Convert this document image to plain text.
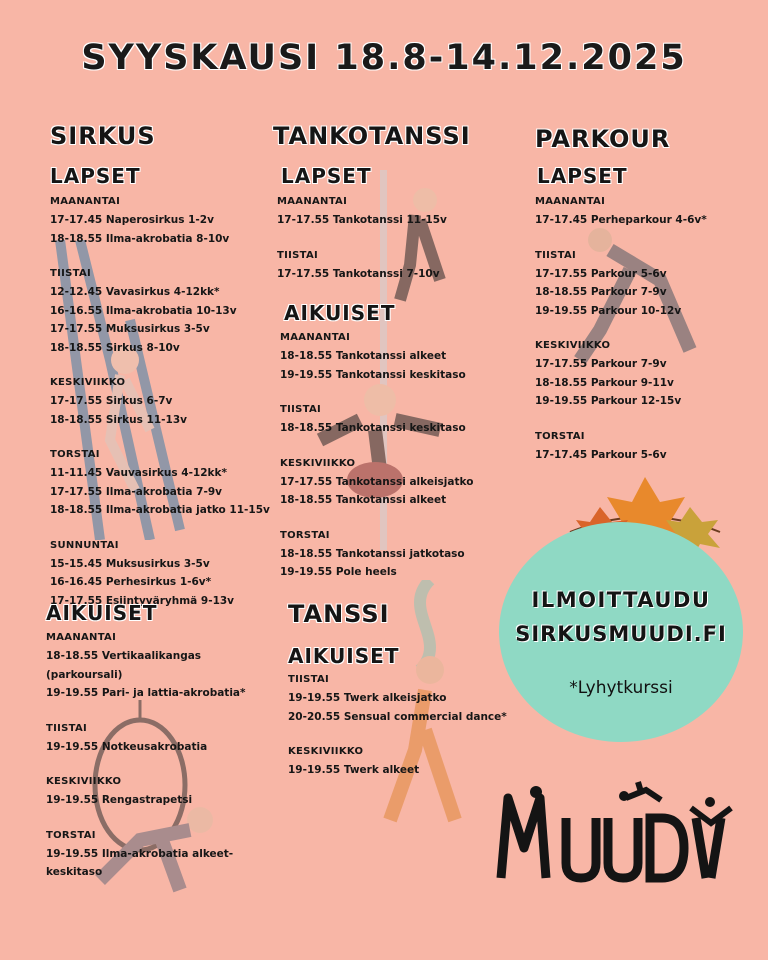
SYYSKAUSI 18.8-14.12.2025
SIRKUS
LAPSET
MAANANTAI
17-17.45 Naperosirkus 1-2v
18-18.55 Ilma-akrobatia 8-10v
TIISTAI
12-12.45 Vavasirkus 4-12kk*
16-16.55 Ilma-akrobatia 10-13v
17-17.55 Muksusirkus 3-5v
18-18.55 Sirkus 8-10v
KESKIVIIKKO
17-17.55 Sirkus 6-7v
18-18.55 Sirkus 11-13v
TORSTAI
11-11.45 Vauvasirkus 4-12kk*
17-17.55 Ilma-akrobatia 7-9v
18-18.55 Ilma-akrobatia jatko 11-15v
SUNNUNTAI
15-15.45 Muksusirkus 3-5v
16-16.45 Perhesirkus 1-6v*
17-17.55 Esiintyväryhmä 9-13v
AIKUISET
MAANANTAI
18-18.55 Vertikaalikangas
(parkoursali)
19-19.55 Pari- ja lattia-akrobatia*
TIISTAI
19-19.55 Notkeusakrobatia
KESKIVIIKKO
19-19.55 Rengastrapetsi
TORSTAI
19-19.55 Ilma-akrobatia alkeet-
keskitaso
TANKOTANSSI
LAPSET
MAANANTAI
17-17.55 Tankotanssi 11-15v
TIISTAI
17-17.55 Tankotanssi 7-10v
AIKUISET
MAANANTAI
18-18.55 Tankotanssi alkeet
19-19.55 Tankotanssi keskitaso
TIISTAI
18-18.55 Tankotanssi keskitaso
KESKIVIIKKO
17-17.55 Tankotanssi alkeisjatko
18-18.55 Tankotanssi alkeet
TORSTAI
18-18.55 Tankotanssi jatkotaso
19-19.55 Pole heels
TANSSI
AIKUISET
TIISTAI
19-19.55 Twerk alkeisjatko
20-20.55 Sensual commercial dance*
KESKIVIIKKO
19-19.55 Twerk alkeet
PARKOUR
LAPSET
MAANANTAI
17-17.45 Perheparkour 4-6v*
TIISTAI
17-17.55 Parkour 5-6v
18-18.55 Parkour 7-9v
19-19.55 Parkour 10-12v
KESKIVIIKKO
17-17.55 Parkour 7-9v
18-18.55 Parkour 9-11v
19-19.55 Parkour 12-15v
TORSTAI
17-17.45 Parkour 5-6v
ILMOITTAUDU
SIRKUSMUUDI.FI
*Lyhytkurssi
